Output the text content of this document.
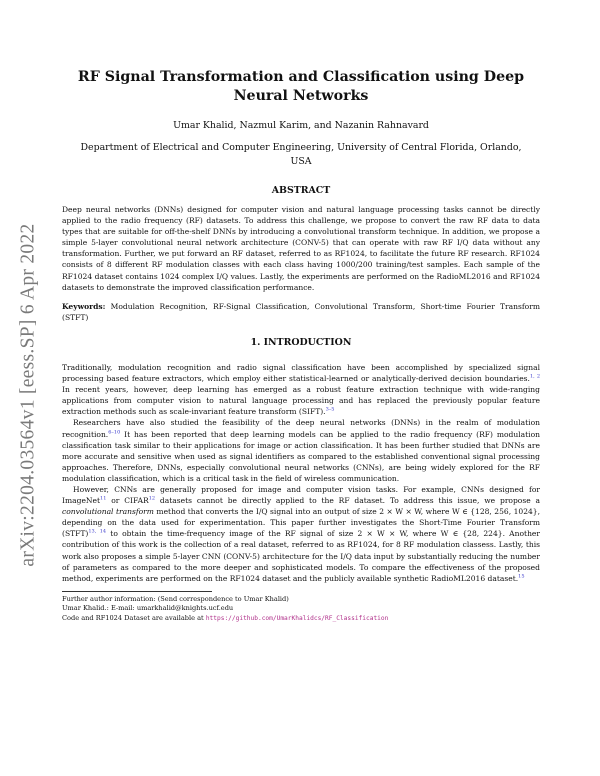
arXiv:2204.03564v1 [eess.SP] 6 Apr 2022
RF Signal Transformation and Classification using Deep Neural Networks
Umar Khalid, Nazmul Karim, and Nazanin Rahnavard
Department of Electrical and Computer Engineering, University of Central Florida, Orlando, USA
ABSTRACT

Deep neural networks (DNNs) designed for computer vision and natural language processing tasks cannot be directly applied to the radio frequency (RF) datasets. To address this challenge, we propose to convert the raw RF data to data types that are suitable for off-the-shelf DNNs by introducing a convolutional transform technique. In addition, we propose a simple 5-layer convolutional neural network architecture (CONV-5) that can operate with raw RF I/Q data without any transformation. Further, we put forward an RF dataset, referred to as RF1024, to facilitate the future RF research. RF1024 consists of 8 different RF modulation classes with each class having 1000/200 training/test samples. Each sample of the RF1024 dataset contains 1024 complex I/Q values. Lastly, the experiments are performed on the RadioML2016 and RF1024 datasets to demonstrate the improved classification performance.

Keywords: Modulation Recognition, RF-Signal Classification, Convolutional Transform, Short-time Fourier Transform (STFT)

1. INTRODUCTION

Traditionally, modulation recognition and radio signal classification have been accomplished by specialized signal processing based feature extractors, which employ either statistical-learned or analytically-derived decision boundaries.$^{1, 2}$ In recent years, however, deep learning has emerged as a robust feature extraction technique with wide-ranging applications from computer vision to natural language processing and has replaced the previously popular feature extraction methods such as scale-invariant feature transform (SIFT).$^{3-5}$

Researchers have also studied the feasibility of the deep neural networks (DNNs) in the realm of modulation recognition.$^{6-10}$ It has been reported that deep learning models can be applied to the radio frequency (RF) modulation classification task similar to their applications for image or action classification. It has been further studied that DNNs are more accurate and sensitive when used as signal identifiers as compared to the established conventional signal processing approaches. Therefore, DNNs, especially convolutional neural networks (CNNs), are being widely explored for the RF modulation classification, which is a critical task in the field of wireless communication.

However, CNNs are generally proposed for image and computer vision tasks. For example, CNNs designed for ImageNet$^{11}$ or CIFAR$^{12}$ datasets cannot be directly applied to the RF dataset. To address this issue, we propose a convolutional transform method that converts the I/Q signal into an output of size 2 × W × W, where W ∈ {128, 256, 1024}, depending on the data used for experimentation. This paper further investigates the Short-Time Fourier Transform (STFT)$^{13, 14}$ to obtain the time-frequency image of the RF signal of size 2 × W × W, where W ∈ {28, 224}. Another contribution of this work is the collection of a real dataset, referred to as RF1024, for 8 RF modulation classess. Lastly, this work also proposes a simple 5-layer CNN (CONV-5) architecture for the I/Q data input by substantially reducing the number of parameters as compared to the more deeper and sophisticated models. To compare the effectiveness of the proposed method, experiments are performed on the RF1024 dataset and the publicly available synthetic RadioML2016 dataset.$^{15}$

Further author information: (Send correspondence to Umar Khalid)
Umar Khalid.: E-mail: umarkhalid@knights.ucf.edu
Code and RF1024 Dataset are available at https://github.com/UmarKhalidcs/RF_Classification
